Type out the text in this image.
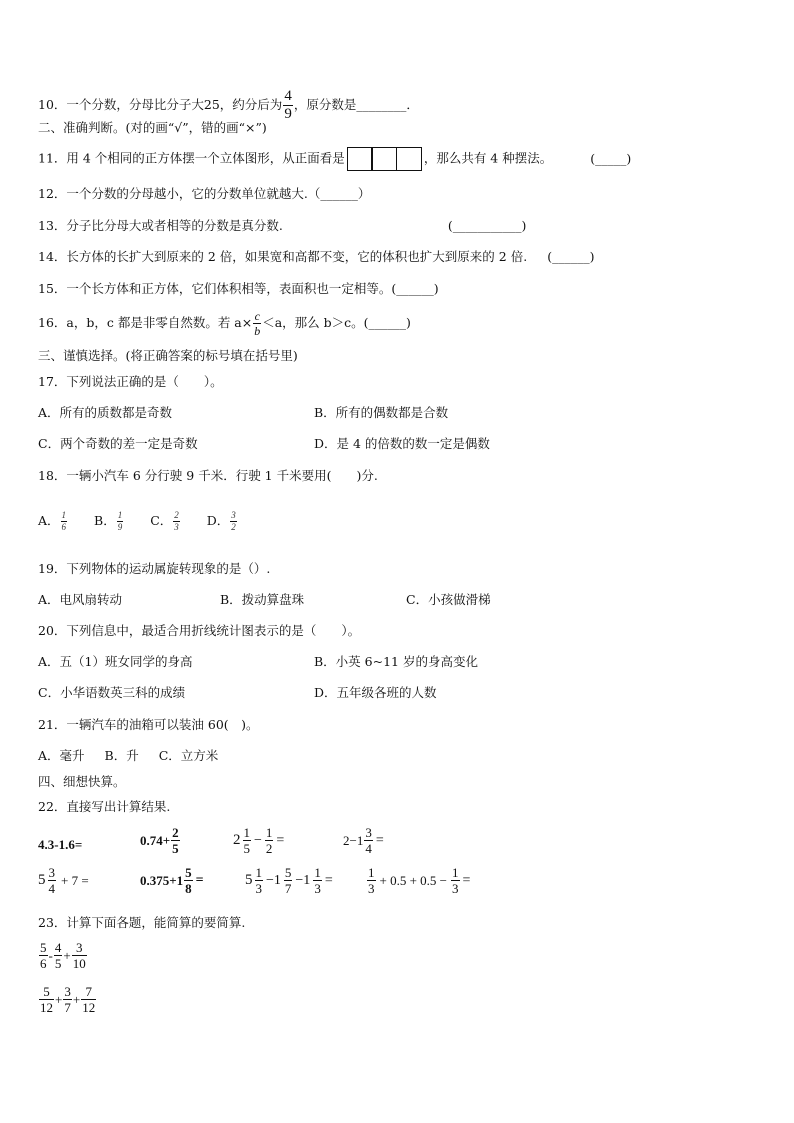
10．一个分数，分母比分子大25，约分后为 $\frac{4}{9}$ ，原分数是________．
二、准确判断。(对的画“√”，错的画“×”)
11．用 4 个相同的正方体摆一个立体图形，从正面看是	，那么共有 4 种摆法。	(_____)
12．一个分数的分母越小，它的分数单位就越大.（______）
13．分子比分母大或者相等的分数是真分数.	(___________)
14．长方体的长扩大到原来的 2 倍，如果宽和高都不变，它的体积也扩大到原来的 2 倍. (______)
15．一个长方体和正方体，它们体积相等，表面积也一定相等。(______)
16．a，b，c 都是非零自然数。若 $a\times \frac{c}{b} <a$，那么 b＞c。(______)
三、谨慎选择。(将正确答案的标号填在括号里)
17．下列说法正确的是（　　）。
A．所有的质数都是奇数	B．所有的偶数都是合数
C．两个奇数的差一定是奇数	D．是 4 的倍数的数一定是偶数
18．一辆小汽车 6 分行驶 9 千米．行驶 1 千米要用(　　)分.
A． $\frac{1}{6}$ B． $\frac{1}{9}$ C． $\frac{2}{3}$ D． $\frac{3}{2}$
19．下列物体的运动属旋转现象的是（）.
A．电风扇转动	B．拨动算盘珠	C．小孩做滑梯
20．下列信息中，最适合用折线统计图表示的是（　　）。
A．五（1）班女同学的身高	B．小英 6~11 岁的身高变化
C．小华语数英三科的成绩	D．五年级各班的人数
21．一辆汽车的油箱可以装油 60(　)。
A．毫升 B．升 C．立方米
四、细想快算。
22．直接写出计算结果.
4.3-1.6=	$0.74+ \frac{2}{5}$	$2 \frac{1}{5} - \frac{1}{2}$ =	$2-1 \frac{3}{4}$ =
$5 \frac{3}{4} + 7$ =	$0.375+1 \frac{5}{8}$ =	$5 \frac{1}{3} -1 \frac{5}{7} -1 \frac{1}{3}$ =	$\frac{1}{3} + 0.5 + 0.5 - \frac{1}{3}$ =
23．计算下面各题，能简算的要简算.
$\frac{5}{6} - \frac{4}{5} + \frac{3}{10}$
$\frac{5}{12} + \frac{3}{7} + \frac{7}{12}$
